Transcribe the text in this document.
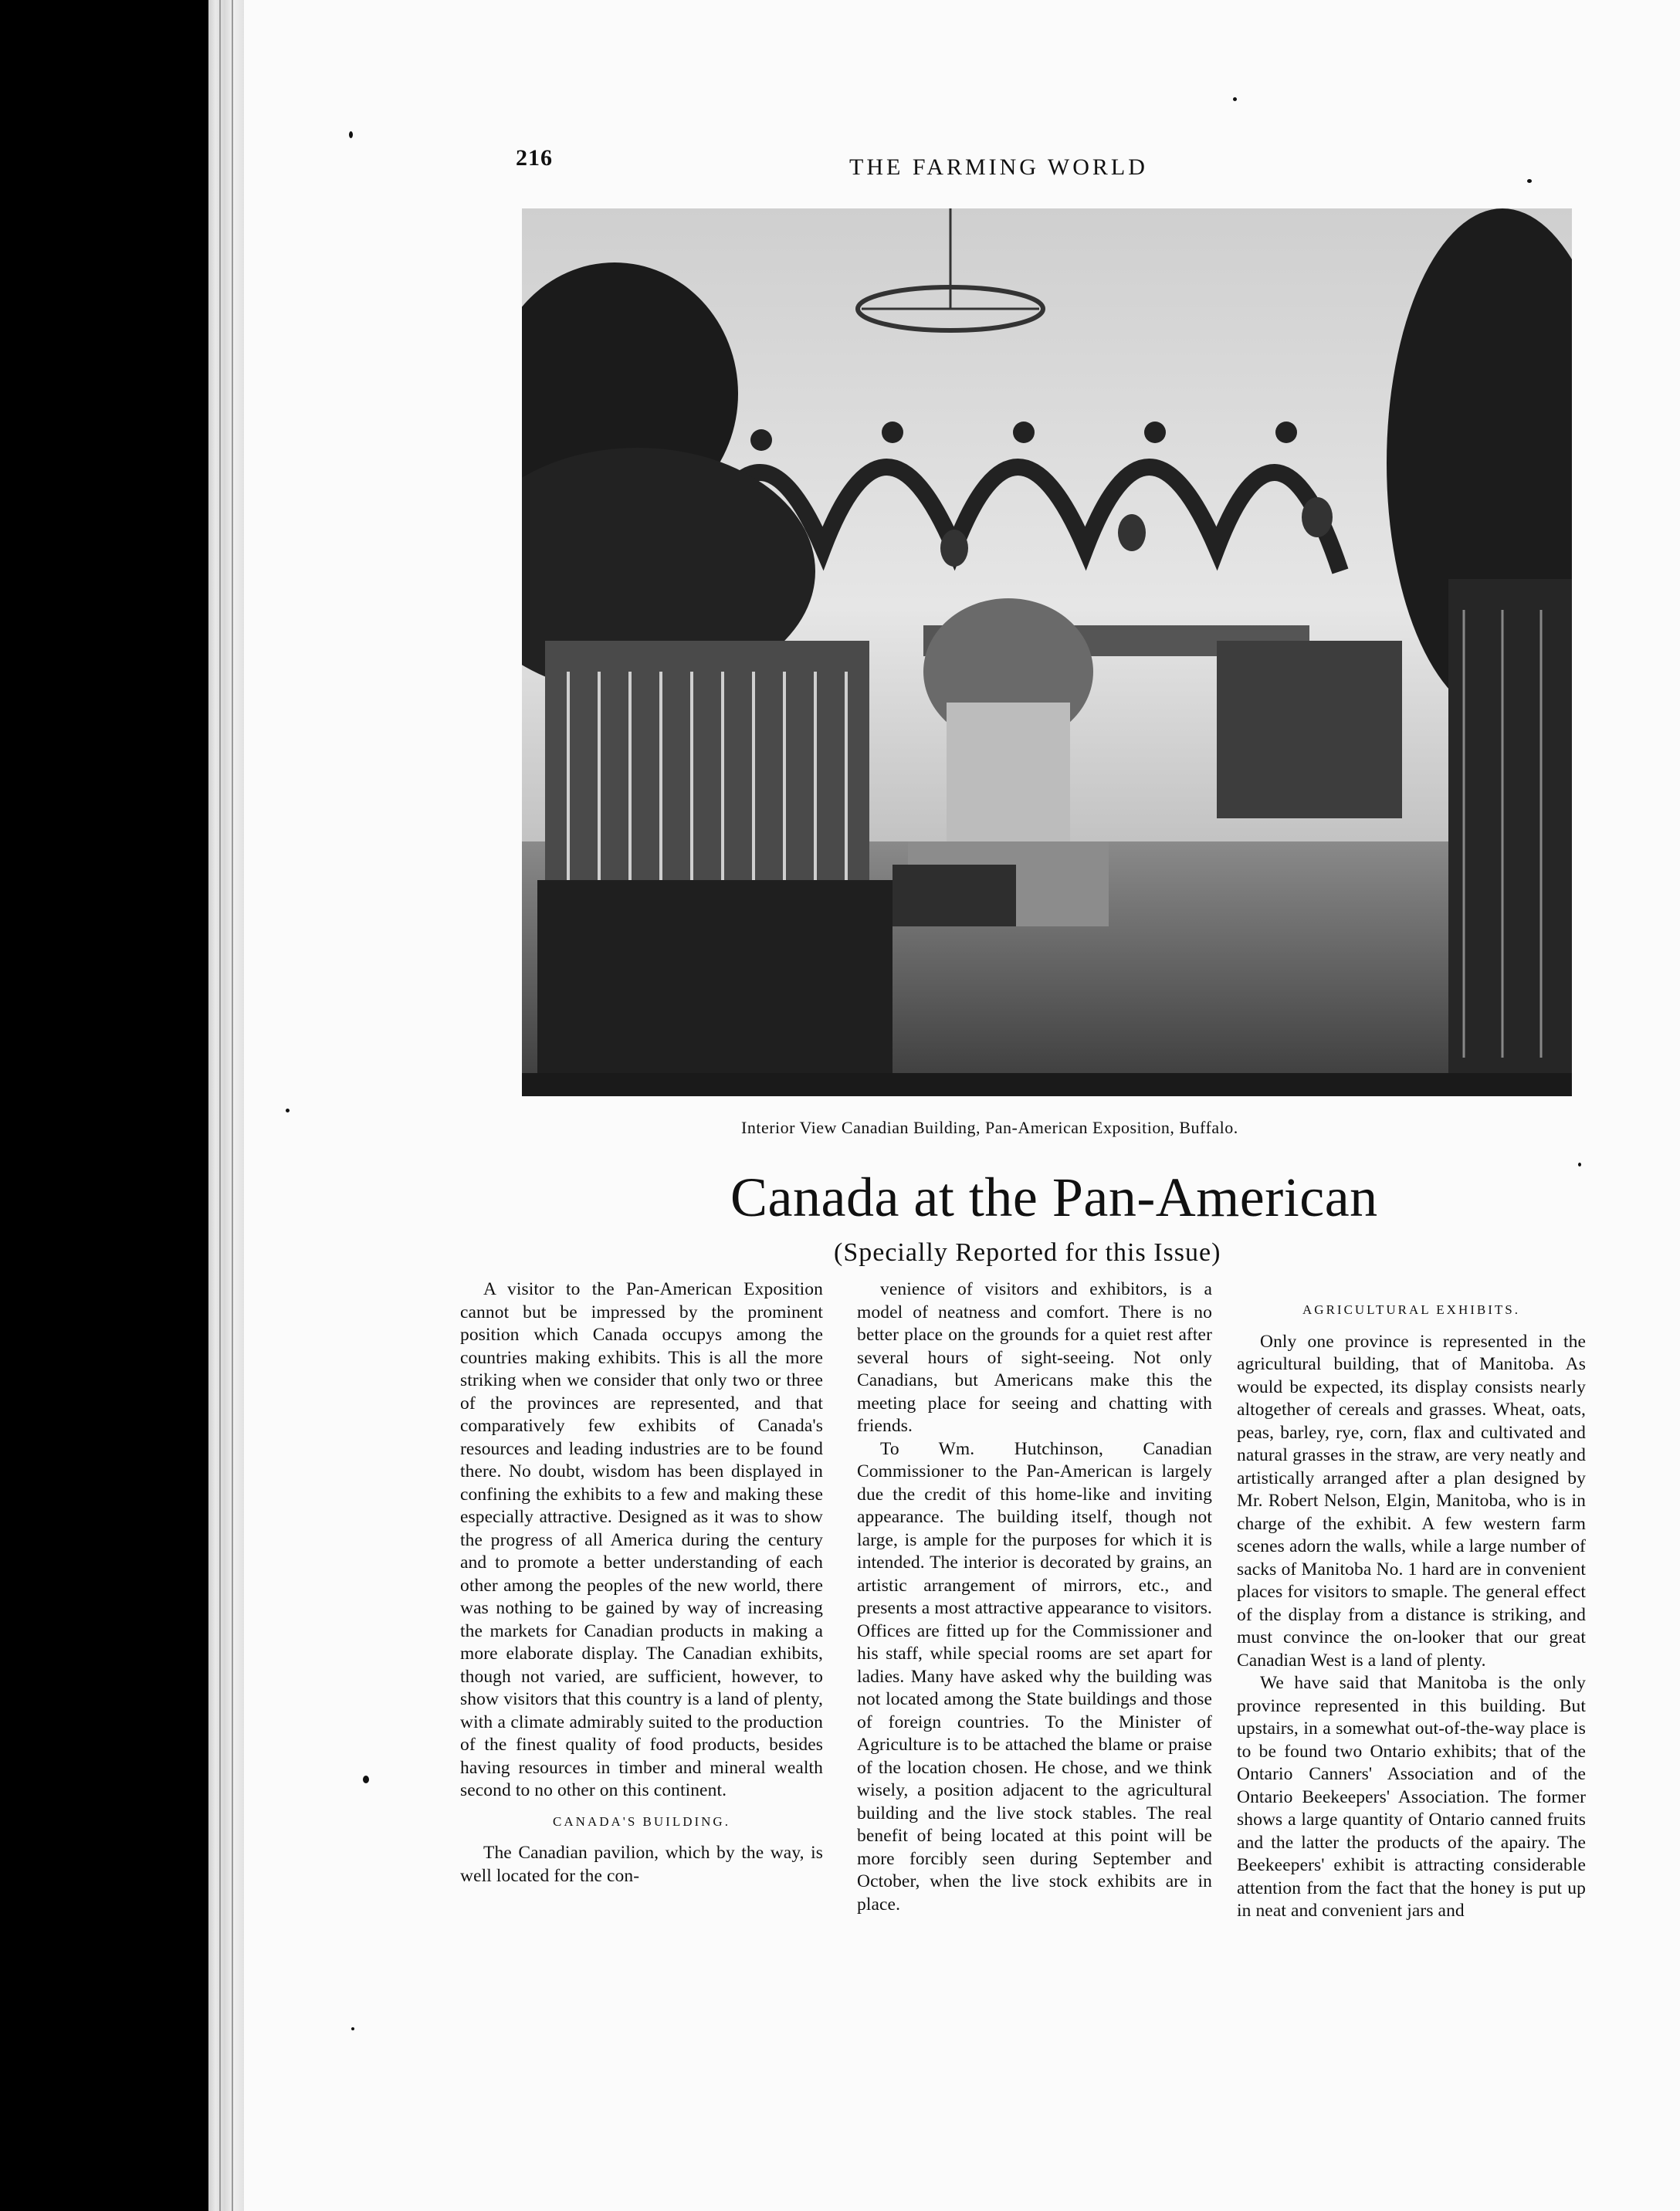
216	THE FARMING WORLD
Interior View Canadian Building, Pan-American Exposition, Buffalo.
Canada at the Pan-American
(Specially Reported for this Issue)

A visitor to the Pan-American Exposition cannot but be impressed by the prominent position which Canada occupys among the countries making exhibits. This is all the more striking when we consider that only two or three of the provinces are represented, and that comparatively few exhibits of Canada's resources and leading industries are to be found there. No doubt, wisdom has been displayed in confining the exhibits to a few and making these especially attractive. Designed as it was to show the progress of all America during the century and to promote a better understanding of each other among the peoples of the new world, there was nothing to be gained by way of increasing the markets for Canadian products in making a more elaborate display. The Canadian exhibits, though not varied, are sufficient, however, to show visitors that this country is a land of plenty, with a climate admirably suited to the production of the finest quality of food products, besides having resources in timber and mineral wealth second to no other on this continent.

CANADA'S BUILDING.

The Canadian pavilion, which by the way, is well located for the con-

venience of visitors and exhibitors, is a model of neatness and comfort. There is no better place on the grounds for a quiet rest after several hours of sight-seeing. Not only Canadians, but Americans make this the meeting place for seeing and chatting with friends.

To Wm. Hutchinson, Canadian Commissioner to the Pan-American is largely due the credit of this home-like and inviting appearance. The building itself, though not large, is ample for the purposes for which it is intended. The interior is decorated by grains, an artistic arrangement of mirrors, etc., and presents a most attractive appearance to visitors. Offices are fitted up for the Commissioner and his staff, while special rooms are set apart for ladies. Many have asked why the building was not located among the State buildings and those of foreign countries. To the Minister of Agriculture is to be attached the blame or praise of the location chosen. He chose, and we think wisely, a position adjacent to the agricultural building and the live stock stables. The real benefit of being located at this point will be more forcibly seen during September and October, when the live stock exhibits are in place.

AGRICULTURAL EXHIBITS.

Only one province is represented in the agricultural building, that of Manitoba. As would be expected, its display consists nearly altogether of cereals and grasses. Wheat, oats, peas, barley, rye, corn, flax and cultivated and natural grasses in the straw, are very neatly and artistically arranged after a plan designed by Mr. Robert Nelson, Elgin, Manitoba, who is in charge of the exhibit. A few western farm scenes adorn the walls, while a large number of sacks of Manitoba No. 1 hard are in convenient places for visitors to smaple. The general effect of the display from a distance is striking, and must convince the on-looker that our great Canadian West is a land of plenty.

We have said that Manitoba is the only province represented in this building. But upstairs, in a somewhat out-of-the-way place is to be found two Ontario exhibits; that of the Ontario Canners' Association and of the Ontario Beekeepers' Association. The former shows a large quantity of Ontario canned fruits and the latter the products of the apairy. The Beekeepers' exhibit is attracting considerable attention from the fact that the honey is put up in neat and convenient jars and
